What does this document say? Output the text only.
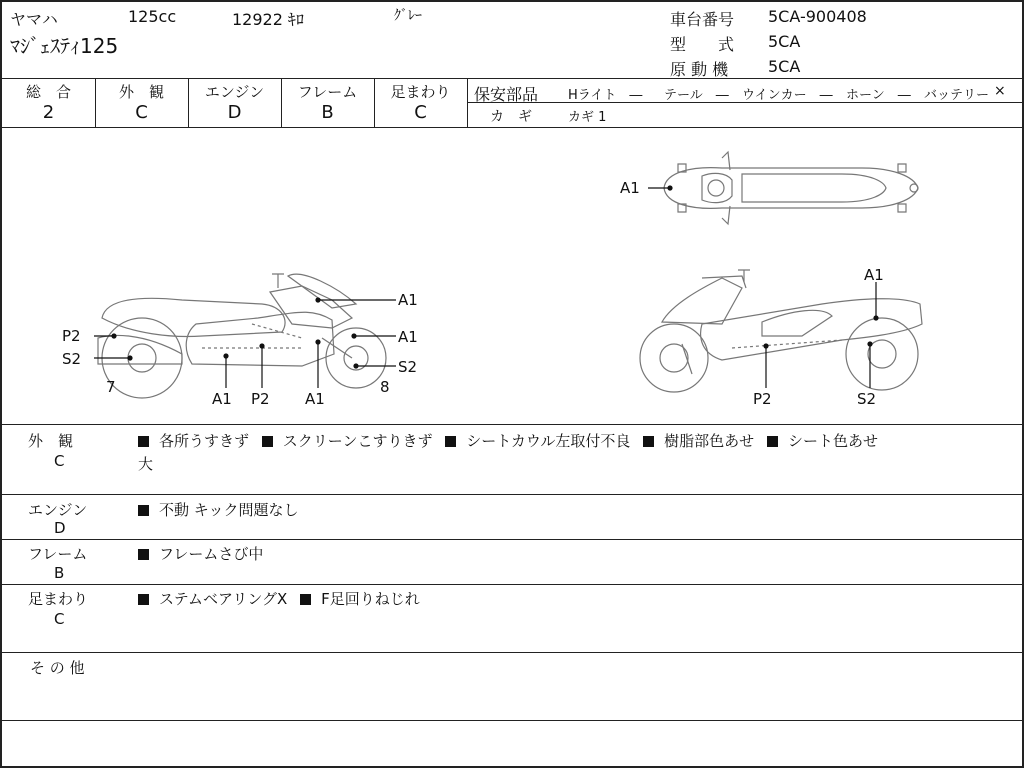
ヤマハ	125cc	12922 ｷﾛ	ｸﾞﾚｰ
ﾏｼﾞｪｽﾃｨ125
車台番号 5CA-900408
型　　式 5CA
原 動 機 5CA
総　合
2
外　観
C
エンジン
D
フレーム
B
足まわり
C
保安部品 Hライト　― テール　― ウインカー　― ホーン　― バッテリー ×
カ　ギ	カギ 1
A1
A1
A1
P2
S2	S2
7	8
A1 P2 A1
A1
P2	S2
外　観
C
各所うすきず スクリーンこすりきず シートカウル左取付不良 樹脂部色あせ シート色あせ
大
エンジン
D
不動 キック問題なし
フレーム
B
フレームさび中
足まわり
C
ステムベアリングX F足回りねじれ
そ の 他
